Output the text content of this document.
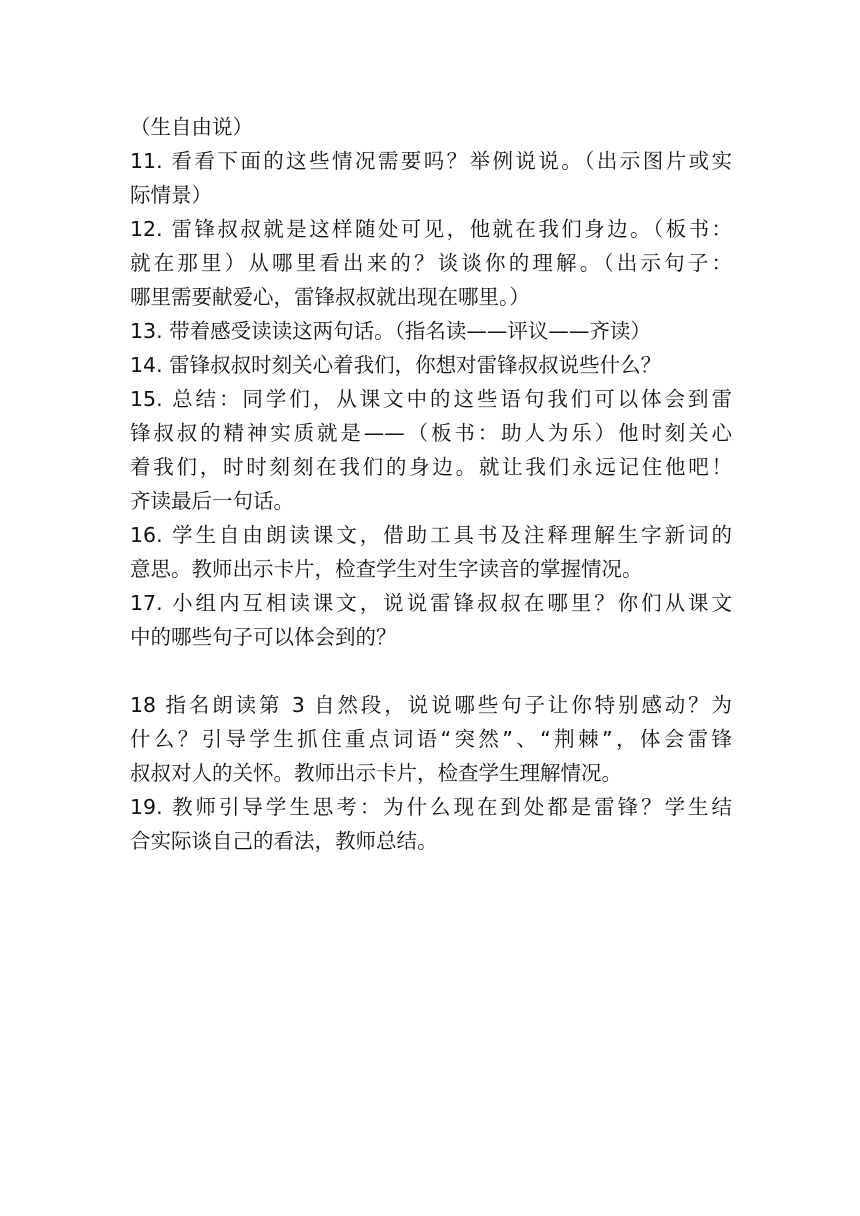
（生自由说）
11. 看看下面的这些情况需要吗？举例说说。（出示图片或实
际情景）
12. 雷锋叔叔就是这样随处可见，他就在我们身边。（板书：
就在那里）从哪里看出来的？谈谈你的理解。（出示句子：
哪里需要献爱心，雷锋叔叔就出现在哪里。）
13. 带着感受读读这两句话。（指名读——评议——齐读）
14. 雷锋叔叔时刻关心着我们，你想对雷锋叔叔说些什么？
15. 总结：同学们，从课文中的这些语句我们可以体会到雷
锋叔叔的精神实质就是——（板书：助人为乐）他时刻关心
着我们，时时刻刻在我们的身边。就让我们永远记住他吧！
齐读最后一句话。
16. 学生自由朗读课文，借助工具书及注释理解生字新词的
意思。教师出示卡片，检查学生对生字读音的掌握情况。
17. 小组内互相读课文，说说雷锋叔叔在哪里？你们从课文
中的哪些句子可以体会到的？
18 指名朗读第 3 自然段，说说哪些句子让你特别感动？为
什么？引导学生抓住重点词语“突然”、“荆棘”，体会雷锋
叔叔对人的关怀。教师出示卡片，检查学生理解情况。
19. 教师引导学生思考：为什么现在到处都是雷锋？学生结
合实际谈自己的看法，教师总结。
